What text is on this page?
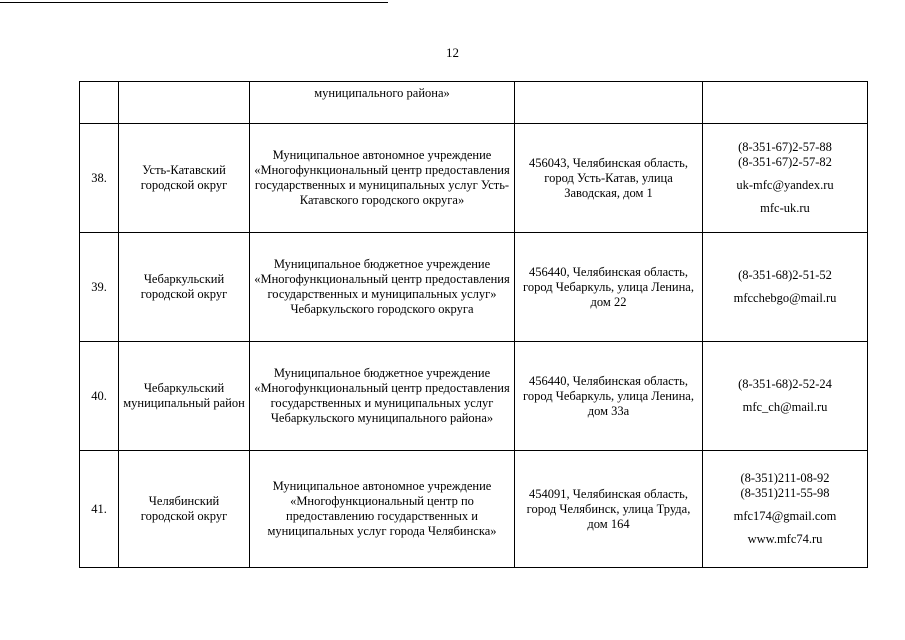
12
		муниципального района»		
38.	Усть-Катавский городской округ	Муниципальное автономное учреждение «Многофункциональный центр предоставления государственных и муниципальных услуг Усть-Катавского городского округа»	456043, Челябинская область, город Усть-Катав, улица Заводская, дом 1	(8-351-67)2-57-88
(8-351-67)2-57-82
uk-mfc@yandex.ru
mfc-uk.ru

39.	Чебаркульский городской округ	Муниципальное бюджетное учреждение «Многофункциональный центр предоставления государственных и муниципальных услуг» Чебаркульского городского округа	456440, Челябинская область, город Чебаркуль, улица Ленина, дом 22	(8-351-68)2-51-52
mfcchebgo@mail.ru

40.	Чебаркульский муниципальный район	Муниципальное бюджетное учреждение «Многофункциональный центр предоставления государственных и муниципальных услуг Чебаркульского муниципального района»	456440, Челябинская область, город Чебаркуль, улица Ленина, дом 33а	(8-351-68)2-52-24
mfc_ch@mail.ru

41.	Челябинский городской округ	Муниципальное автономное учреждение «Многофункциональный центр по предоставлению государственных и муниципальных услуг города Челябинска»	454091, Челябинская область, город Челябинск, улица Труда, дом 164	(8-351)211-08-92
(8-351)211-55-98
mfc174@gmail.com
www.mfc74.ru
